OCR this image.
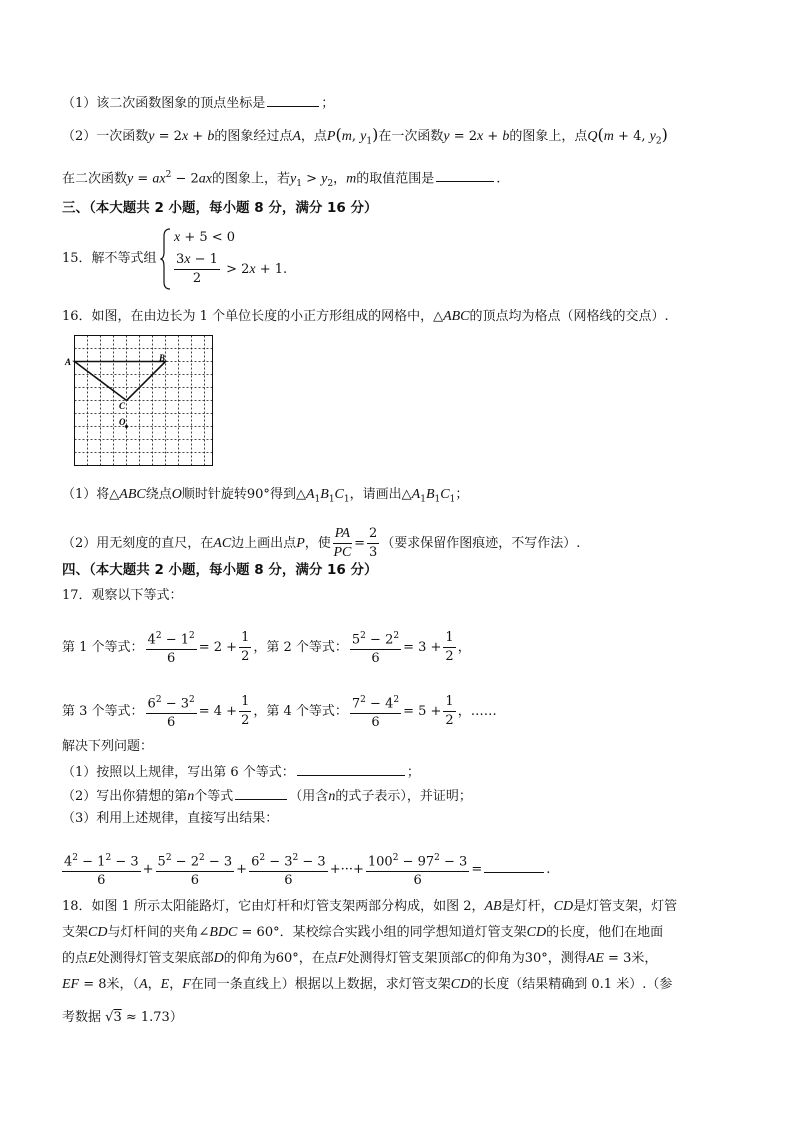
（1）该二次函数图象的顶点坐标是	；
（2）一次函数y = 2x + b的图象经过点A，点P(m, $y_1$)在一次函数y = 2x + b的图象上，点Q(m + 4, $y_2$)
在二次函数$y = ax^2 - 2ax$的图象上，若$y_1 > y_2$，m的取值范围是	.
三、（本大题共 2 小题，每小题 8 分，满分 16 分）
15．解不等式组
x + 5 < 0
$\frac{3x - 1}{2} > 2x + 1$.
16．如图，在由边长为 1 个单位长度的小正方形组成的网格中，△ABC的顶点均为格点（网格线的交点）.
A	B
C
O
（1）将△ABC绕点O顺时针旋转90°得到$\triangle A_1B_1C_1$，请画出$\triangle A_1B_1C_1$；
（2）用无刻度的直尺，在AC边上画出点P，使 $\frac{PA}{PC} = \frac{2}{3}$ （要求保留作图痕迹，不写作法）.
四、（本大题共 2 小题，每小题 8 分，满分 16 分）
17．观察以下等式：
第 1 个等式： $\frac{4^2 - 1^2}{6} = 2 + \frac{1}{2}$ ，第 2 个等式： $\frac{5^2 - 2^2}{6} = 3 + \frac{1}{2}$ ，
第 3 个等式： $\frac{6^2 - 3^2}{6} = 4 + \frac{1}{2}$ ，第 4 个等式： $\frac{7^2 - 4^2}{6} = 5 + \frac{1}{2}$ ，……
解决下列问题：
（1）按照以上规律，写出第 6 个等式：	；
（2）写出你猜想的第n个等式	（用含n的式子表示），并证明；
（3）利用上述规律，直接写出结果：
$\frac{4^2 - 1^2 - 3}{6} + \frac{5^2 - 2^2 - 3}{6} + \frac{6^2 - 3^2 - 3}{6}$ +···+ $\frac{100^2 - 97^2 - 3}{6}$ =	.
18．如图 1 所示太阳能路灯，它由灯杆和灯管支架两部分构成，如图 2，AB是灯杆，CD是灯管支架，灯管
支架CD与灯杆间的夹角∠BDC = 60°．某校综合实践小组的同学想知道灯管支架CD的长度，他们在地面
的点E处测得灯管支架底部D的仰角为60°，在点F处测得灯管支架顶部C的仰角为30°，测得AE = 3米，
EF = 8米，（A，E，F在同一条直线上）根据以上数据，求灯管支架CD的长度（结果精确到 0.1 米）.（参
考数据 √3 ≈ 1.73）
